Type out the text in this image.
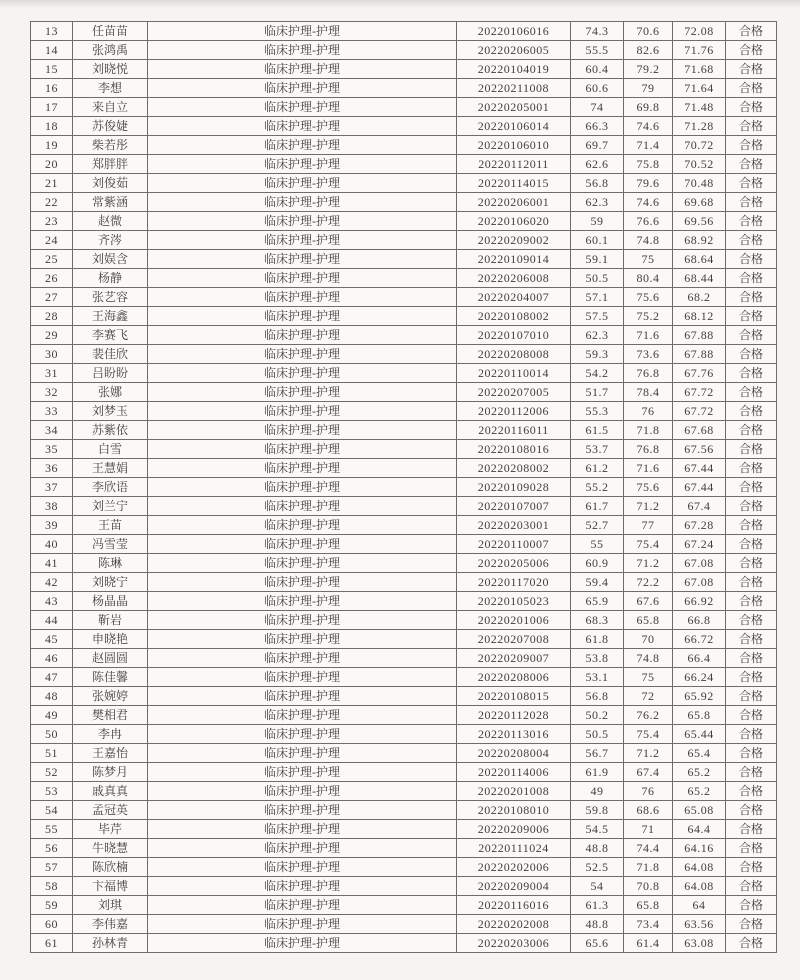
13	任苗苗	临床护理-护理	20220106016	74.3	70.6	72.08	合格
14	张鸿禹	临床护理-护理	20220206005	55.5	82.6	71.76	合格
15	刘晓悦	临床护理-护理	20220104019	60.4	79.2	71.68	合格
16	李想	临床护理-护理	20220211008	60.6	79	71.64	合格
17	来自立	临床护理-护理	20220205001	74	69.8	71.48	合格
18	苏俊婕	临床护理-护理	20220106014	66.3	74.6	71.28	合格
19	柴若彤	临床护理-护理	20220106010	69.7	71.4	70.72	合格
20	郑胖胖	临床护理-护理	20220112011	62.6	75.8	70.52	合格
21	刘俊茹	临床护理-护理	20220114015	56.8	79.6	70.48	合格
22	常紫涵	临床护理-护理	20220206001	62.3	74.6	69.68	合格
23	赵微	临床护理-护理	20220106020	59	76.6	69.56	合格
24	齐涔	临床护理-护理	20220209002	60.1	74.8	68.92	合格
25	刘娱含	临床护理-护理	20220109014	59.1	75	68.64	合格
26	杨静	临床护理-护理	20220206008	50.5	80.4	68.44	合格
27	张艺容	临床护理-护理	20220204007	57.1	75.6	68.2	合格
28	王海鑫	临床护理-护理	20220108002	57.5	75.2	68.12	合格
29	李赛飞	临床护理-护理	20220107010	62.3	71.6	67.88	合格
30	裴佳欣	临床护理-护理	20220208008	59.3	73.6	67.88	合格
31	吕盼盼	临床护理-护理	20220110014	54.2	76.8	67.76	合格
32	张娜	临床护理-护理	20220207005	51.7	78.4	67.72	合格
33	刘梦玉	临床护理-护理	20220112006	55.3	76	67.72	合格
34	苏紫依	临床护理-护理	20220116011	61.5	71.8	67.68	合格
35	白雪	临床护理-护理	20220108016	53.7	76.8	67.56	合格
36	王慧娟	临床护理-护理	20220208002	61.2	71.6	67.44	合格
37	李欣语	临床护理-护理	20220109028	55.2	75.6	67.44	合格
38	刘兰宁	临床护理-护理	20220107007	61.7	71.2	67.4	合格
39	王苗	临床护理-护理	20220203001	52.7	77	67.28	合格
40	冯雪莹	临床护理-护理	20220110007	55	75.4	67.24	合格
41	陈琳	临床护理-护理	20220205006	60.9	71.2	67.08	合格
42	刘晓宁	临床护理-护理	20220117020	59.4	72.2	67.08	合格
43	杨晶晶	临床护理-护理	20220105023	65.9	67.6	66.92	合格
44	靳岩	临床护理-护理	20220201006	68.3	65.8	66.8	合格
45	申晓艳	临床护理-护理	20220207008	61.8	70	66.72	合格
46	赵圆圆	临床护理-护理	20220209007	53.8	74.8	66.4	合格
47	陈佳馨	临床护理-护理	20220208006	53.1	75	66.24	合格
48	张婉婷	临床护理-护理	20220108015	56.8	72	65.92	合格
49	樊相君	临床护理-护理	20220112028	50.2	76.2	65.8	合格
50	李冉	临床护理-护理	20220113016	50.5	75.4	65.44	合格
51	王嘉怡	临床护理-护理	20220208004	56.7	71.2	65.4	合格
52	陈梦月	临床护理-护理	20220114006	61.9	67.4	65.2	合格
53	戚真真	临床护理-护理	20220201008	49	76	65.2	合格
54	孟冠英	临床护理-护理	20220108010	59.8	68.6	65.08	合格
55	毕芹	临床护理-护理	20220209006	54.5	71	64.4	合格
56	牛晓慧	临床护理-护理	20220111024	48.8	74.4	64.16	合格
57	陈欣楠	临床护理-护理	20220202006	52.5	71.8	64.08	合格
58	卞福博	临床护理-护理	20220209004	54	70.8	64.08	合格
59	刘琪	临床护理-护理	20220116016	61.3	65.8	64	合格
60	李伟嘉	临床护理-护理	20220202008	48.8	73.4	63.56	合格
61	孙林青	临床护理-护理	20220203006	65.6	61.4	63.08	合格
